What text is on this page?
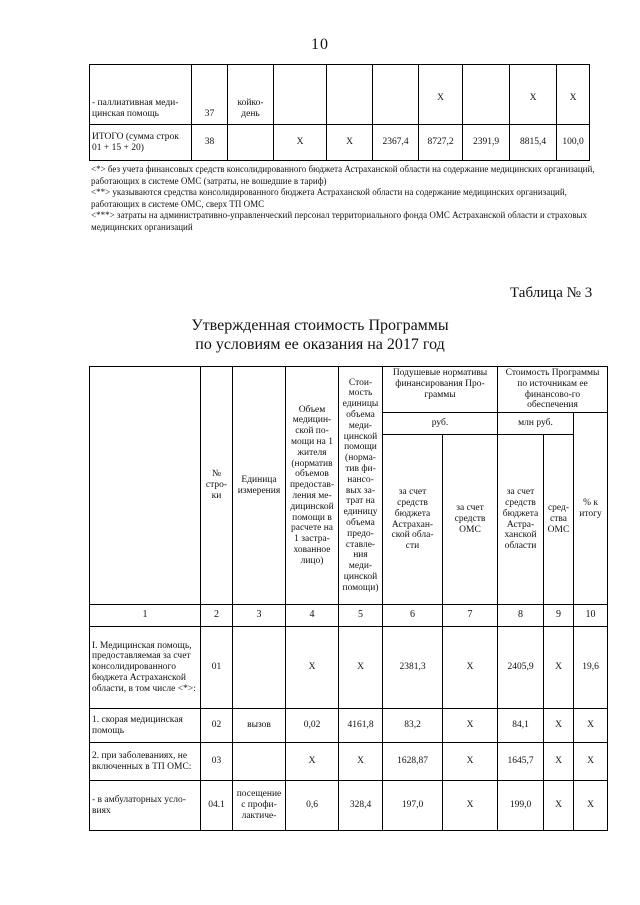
10
- паллиативная меди-цинская помощь	37	койко-день				X		X	X
ИТОГО (сумма строк 01 + 15 + 20)	38		X	X	2367,4	8727,2	2391,9	8815,4	100,0
<*> без учета финансовых средств консолидированного бюджета Астраханской области на содержание медицинских организаций, работающих в системе ОМС (затраты, не вошедшие в тариф)
<**> указываются средства консолидированного бюджета Астраханской области на содержание медицинских организаций, работающих в системе ОМС, сверх ТП ОМС
<***> затраты на административно-управленческий персонал территориального фонда ОМС Астраханской области и страховых медицинских организаций
Таблица № 3
Утвержденная стоимость Программы
по условиям ее оказания на 2017 год
	№ стро-ки	Единица измерения	Объем медицин-ской по-мощи на 1 жителя (норматив объемов предостав-ления ме-дицинской помощи в расчете на 1 застра-хованное лицо)	Стои-мость единицы объема меди-цинской помощи (норма-тив фи-нансо-вых за-трат на единицу объема предо-ставле-ния меди-цинской помощи)	Подушевые нормативы финансирования Про-граммы		Стоимость Программы по источникам ее финансово-го обеспечения		
					руб.		млн руб.		% к итогу
					за счет средств бюджета Астрахан-ской обла-сти	за счет средств ОМС	за счет средств бюджета Астра-ханской области	сред-ства ОМС	
1	2	3	4	5	6	7	8	9	10
I. Медицинская помощь, предоставляемая за счет консолидированного бюджета Астраханской области, в том числе <*>:	01		X	X	2381,3	X	2405,9	X	19,6
1. скорая медицинская помощь	02	вызов	0,02	4161,8	83,2	X	84,1	X	X
2. при заболеваниях, не включенных в ТП ОМС:	03		X	X	1628,87	X	1645,7	X	X
- в амбулаторных усло-виях	04.1	посещение с профи-лактиче-	0,6	328,4	197,0	X	199,0	X	X
